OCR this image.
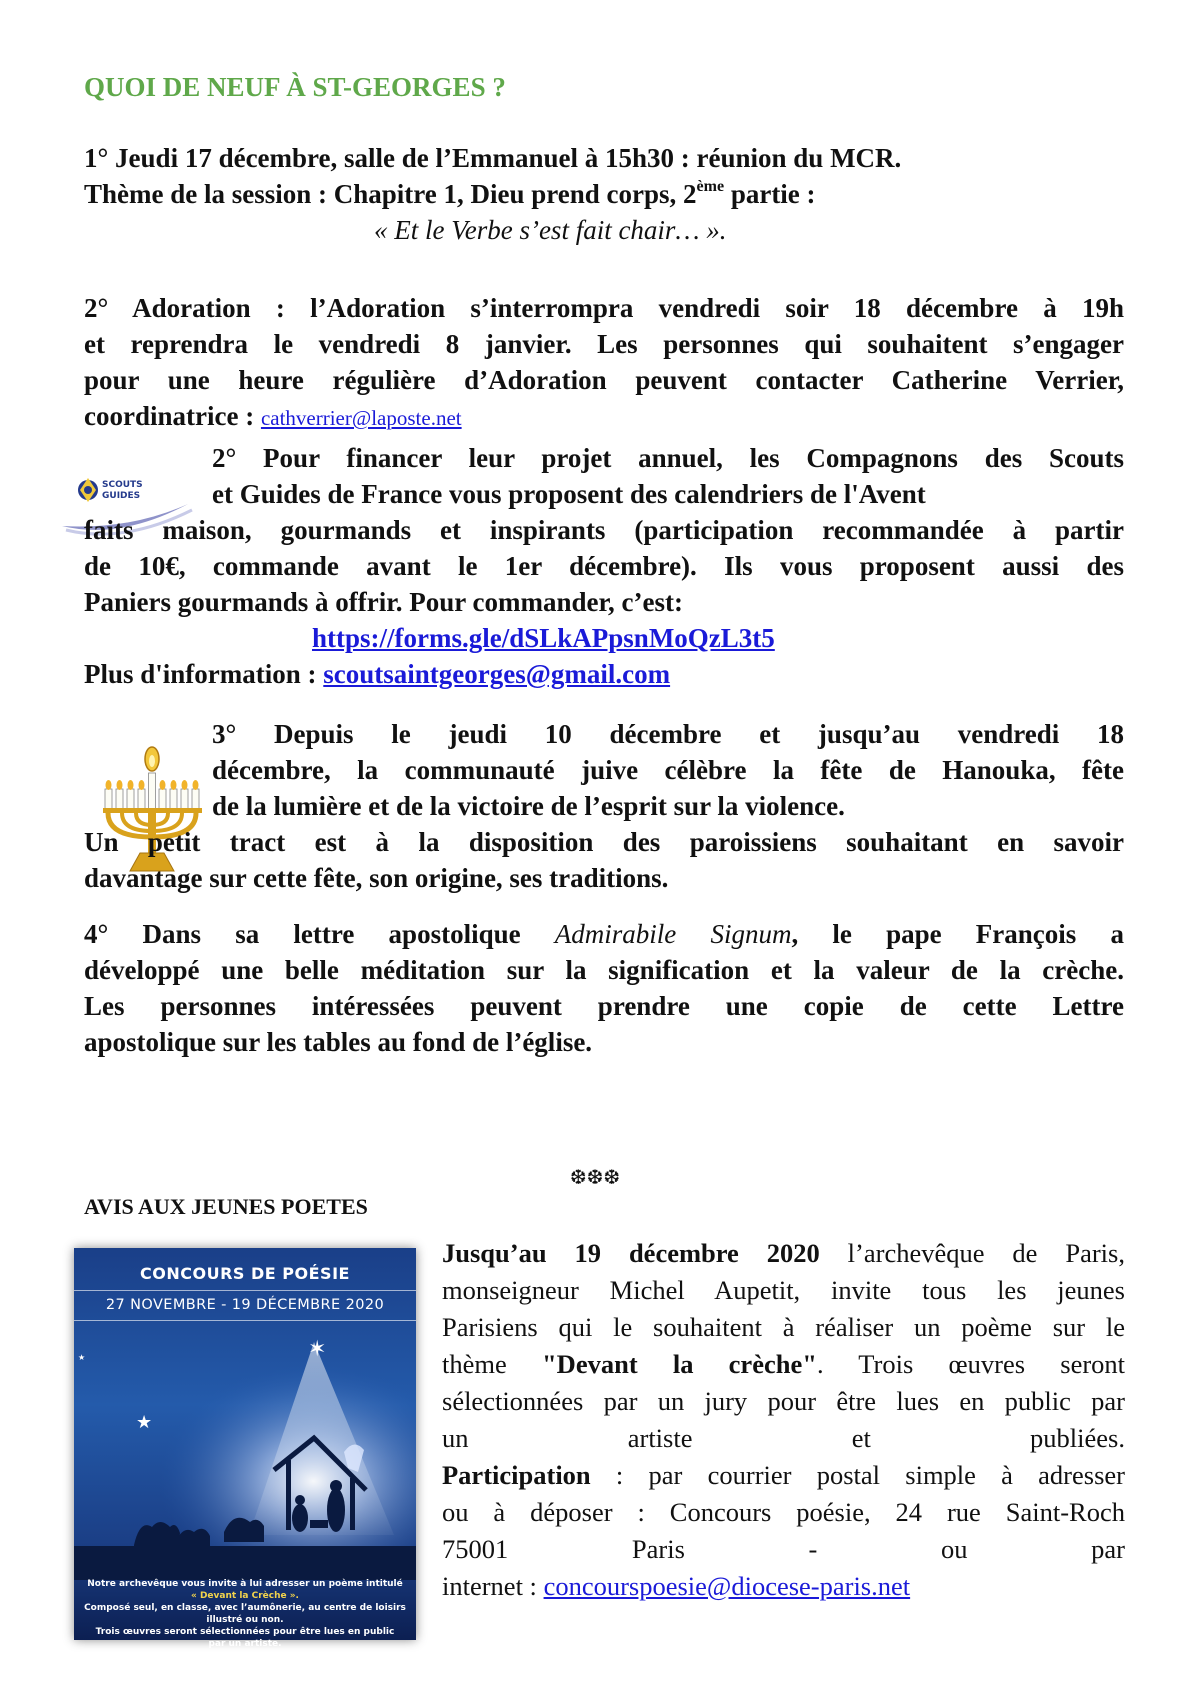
QUOI DE NEUF À ST-GEORGES ?
1° Jeudi 17 décembre, salle de l’Emmanuel à 15h30 : réunion du MCR.
Thème de la session : Chapitre 1, Dieu prend corps, 2ème partie :
« Et le Verbe s’est fait chair… ».
2° Adoration : l’Adoration s’interrompra vendredi soir 18 décembre à 19h
et reprendra le vendredi 8 janvier. Les personnes qui souhaitent s’engager
pour une heure régulière d’Adoration peuvent contacter Catherine Verrier,
coordinatrice : cathverrier@laposte.net
SCOUTS
GUIDES
2° Pour financer leur projet annuel, les Compagnons des Scouts
et Guides de France vous proposent des calendriers de l'Avent
faits maison, gourmands et inspirants (participation recommandée à partir
de 10€, commande avant le 1er décembre). Ils vous proposent aussi des
Paniers gourmands à offrir. Pour commander, c’est:
https://forms.gle/dSLkAPpsnMoQzL3t5
Plus d'information : scoutsaintgeorges@gmail.com
3° Depuis le jeudi 10 décembre et jusqu’au vendredi 18
décembre, la communauté juive célèbre la fête de Hanouka, fête
de la lumière et de la victoire de l’esprit sur la violence.
Un petit tract est à la disposition des paroissiens souhaitant en savoir
davantage sur cette fête, son origine, ses traditions.
4° Dans sa lettre apostolique Admirabile Signum, le pape François a
développé une belle méditation sur la signification et la valeur de la crèche.
Les personnes intéressées peuvent prendre une copie de cette Lettre
apostolique sur les tables au fond de l’église.
❆❆❆
AVIS AUX JEUNES POETES
CONCOURS DE POÉSIE
27 NOVEMBRE - 19 DÉCEMBRE 2020
✶
★
★
Notre archevêque vous invite à lui adresser un poème intitulé
« Devant la Crèche ».
Composé seul, en classe, avec l’aumônerie, au centre de loisirs
illustré ou non.
Trois œuvres seront sélectionnées pour être lues en public
par un artiste.
Jusqu’au 19 décembre 2020 l’archevêque de Paris,
monseigneur Michel Aupetit, invite tous les jeunes
Parisiens qui le souhaitent à réaliser un poème sur le
thème "Devant la crèche". Trois œuvres seront
sélectionnées par un jury pour être lues en public par
un artiste et publiées.
Participation : par courrier postal simple à adresser
ou à déposer : Concours poésie, 24 rue Saint-Roch
75001 Paris - ou par
internet : concourspoesie@diocese-paris.net
